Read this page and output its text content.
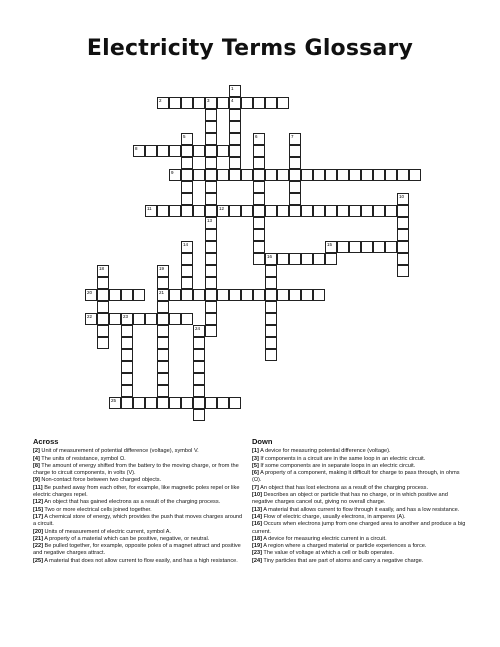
Electricity Terms Glossary
2	3	4
8
9
11	12
15
16
20	21
22	23
25
1
5	6	7
10
13
14
18	19
24
Across
[2] Unit of measurement of potential difference (voltage), symbol V.
[4] The units of resistance, symbol Ω.
[8] The amount of energy shifted from the battery to the moving charge, or from the charge to circuit components, in volts (V).
[9] Non-contact force between two charged objects.
[11] Be pushed away from each other, for example, like magnetic poles repel or like electric charges repel.
[12] An object that has gained electrons as a result of the charging process.
[15] Two or more electrical cells joined together.
[17] A chemical store of energy, which provides the push that moves charges around a circuit.
[20] Units of measurement of electric current, symbol A.
[21] A property of a material which can be positive, negative, or neutral.
[22] Be pulled together, for example, opposite poles of a magnet attract and positive and negative charges attract.
[25] A material that does not allow current to flow easily, and has a high resistance.
Down
[1] A device for measuring potential difference (voltage).
[3] If components in a circuit are in the same loop in an electric circuit.
[5] If some components are in separate loops in an electric circuit.
[6] A property of a component, making it difficult for charge to pass through, in ohms (Ω).
[7] An object that has lost electrons as a result of the charging process.
[10] Describes an object or particle that has no charge, or in which positive and negative charges cancel out, giving no overall charge.
[13] A material that allows current to flow through it easily, and has a low resistance.
[14] Flow of electric charge, usually electrons, in amperes (A).
[16] Occurs when electrons jump from one charged area to another and produce a big current.
[18] A device for measuring electric current in a circuit.
[19] A region where a charged material or particle experiences a force.
[23] The value of voltage at which a cell or bulb operates.
[24] Tiny particles that are part of atoms and carry a negative charge.
